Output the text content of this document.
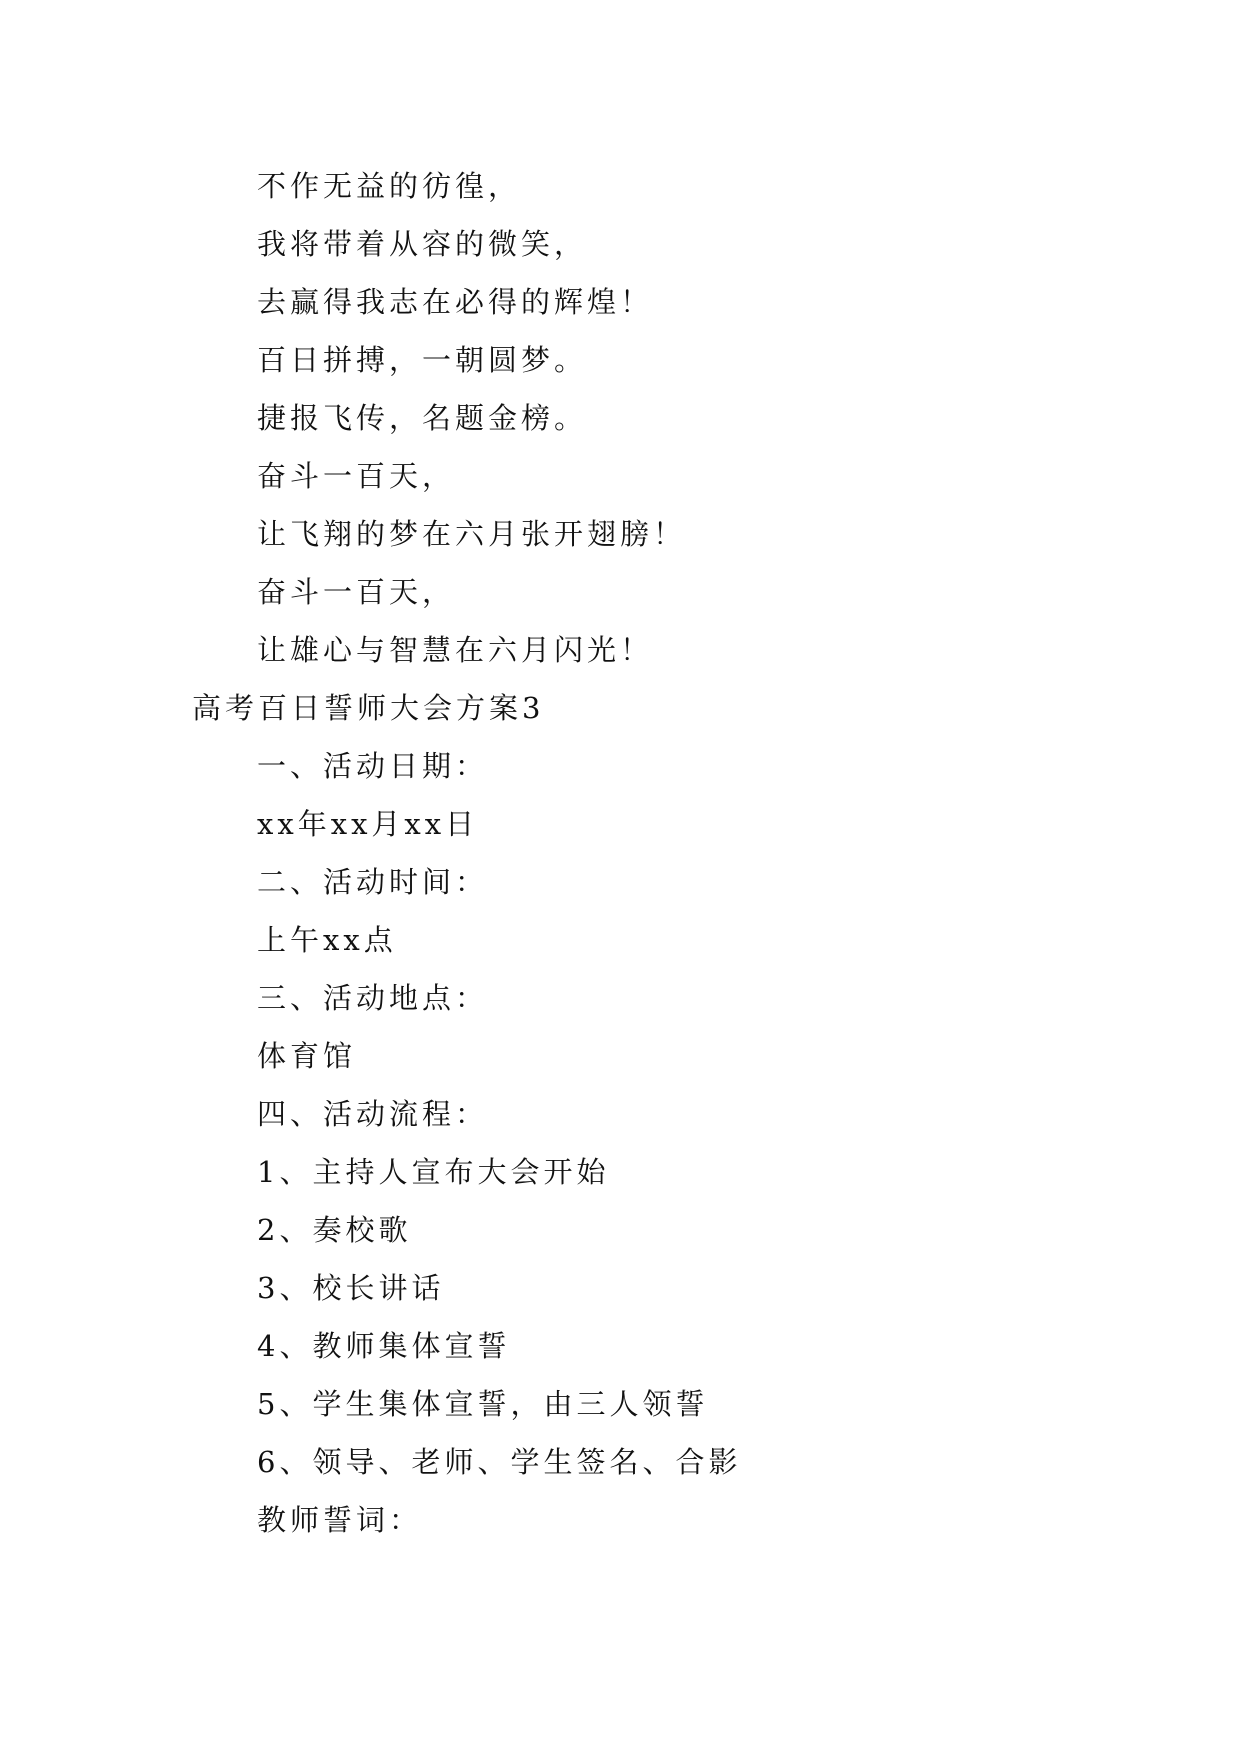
不作无益的彷徨，
我将带着从容的微笑，
去赢得我志在必得的辉煌！
百日拼搏，一朝圆梦。
捷报飞传，名题金榜。
奋斗一百天，
让飞翔的梦在六月张开翅膀！
奋斗一百天，
让雄心与智慧在六月闪光！
高考百日誓师大会方案3
一、活动日期：
xx年xx月xx日
二、活动时间：
上午xx点
三、活动地点：
体育馆
四、活动流程：
1、主持人宣布大会开始
2、奏校歌
3、校长讲话
4、教师集体宣誓
5、学生集体宣誓，由三人领誓
6、领导、老师、学生签名、合影
教师誓词：
